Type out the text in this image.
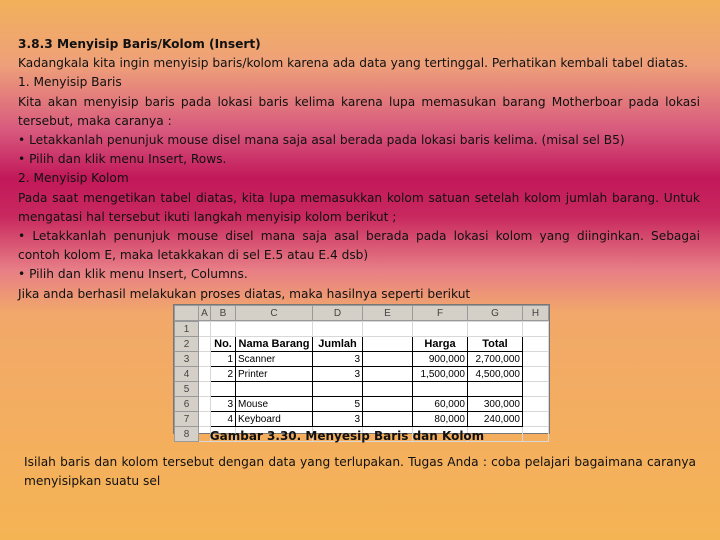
3.8.3 Menyisip Baris/Kolom (Insert)

Kadangkala kita ingin menyisip baris/kolom karena ada data yang tertinggal. Perhatikan kembali tabel diatas.

1. Menyisip Baris

Kita akan menyisip baris pada lokasi baris kelima karena lupa memasukan barang Motherboar pada lokasi tersebut, maka caranya :

• Letakkanlah penunjuk mouse disel mana saja asal berada pada lokasi baris kelima. (misal sel B5)

• Pilih dan klik menu Insert, Rows.

2. Menyisip Kolom

Pada saat mengetikan tabel diatas, kita lupa memasukkan kolom satuan setelah kolom jumlah barang. Untuk mengatasi hal tersebut ikuti langkah menyisip kolom berikut ;

• Letakkanlah penunjuk mouse disel mana saja asal berada pada lokasi kolom yang diinginkan. Sebagai contoh kolom E, maka letakkakan di sel E.5 atau E.4 dsb)

• Pilih dan klik menu Insert, Columns.

Jika anda berhasil melakukan proses diatas, maka hasilnya seperti berikut

	A	B	C	D	E	F	G	H
1								
2		No.	Nama Barang	Jumlah		Harga	Total	
3		1	Scanner	3		900,000	2,700,000	
4		2	Printer	3		1,500,000	4,500,000	
5								
6		3	Mouse	5		60,000	300,000	
7		4	Keyboard	3		80,000	240,000	
8									Gambar 3.30. Menyesip Baris dan Kolom

Isilah baris dan kolom tersebut dengan data yang terlupakan. Tugas Anda : coba pelajari bagaimana caranya menyisipkan suatu sel
